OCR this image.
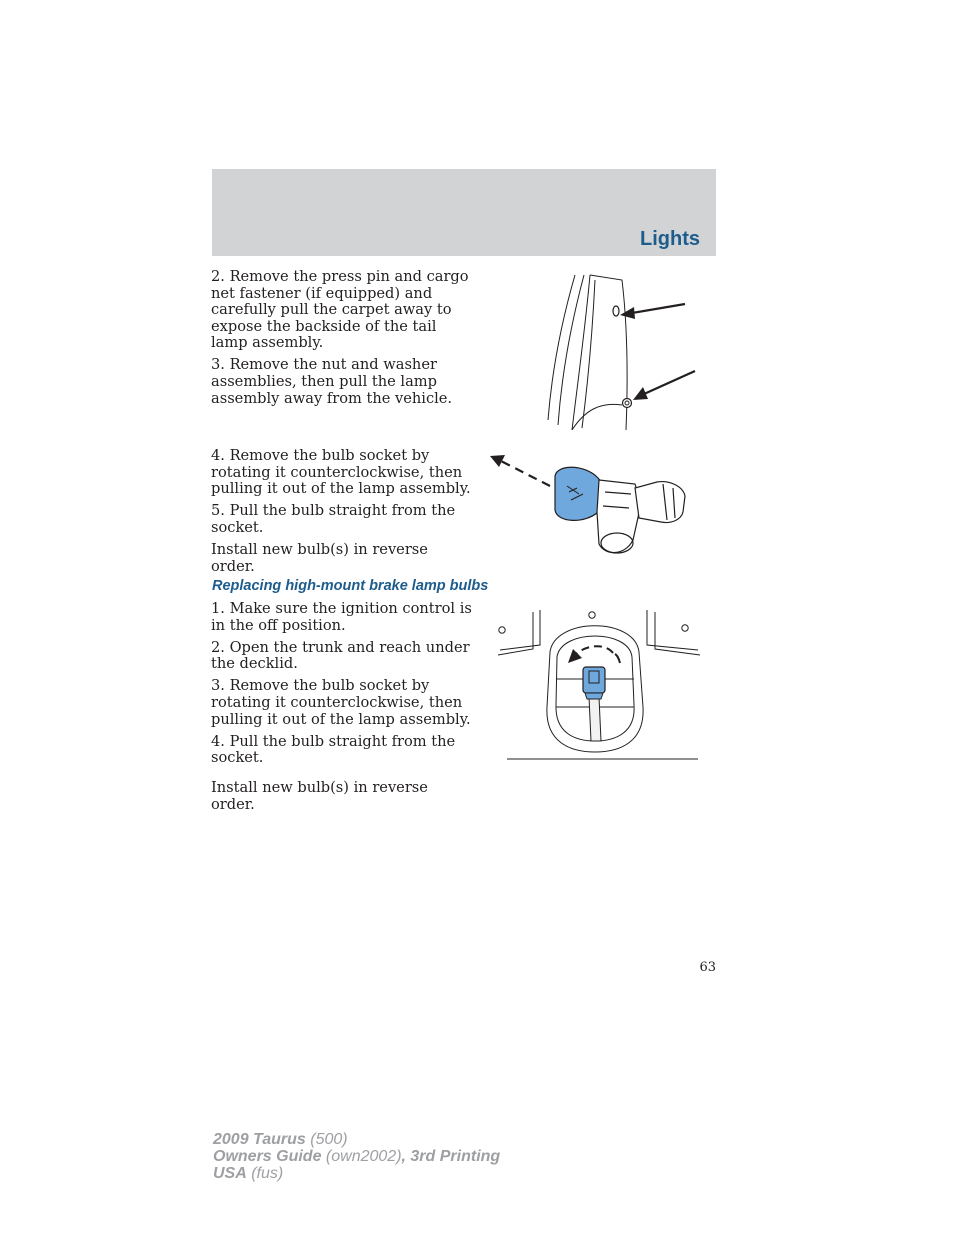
Lights

2. Remove the press pin and cargo net fastener (if equipped) and carefully pull the carpet away to expose the backside of the tail lamp assembly.

3. Remove the nut and washer assemblies, then pull the lamp assembly away from the vehicle.

4. Remove the bulb socket by rotating it counterclockwise, then pulling it out of the lamp assembly.

5. Pull the bulb straight from the socket.

Install new bulb(s) in reverse order.

Replacing high-mount brake lamp bulbs

1. Make sure the ignition control is in the off position.

2. Open the trunk and reach under the decklid.

3. Remove the bulb socket by rotating it counterclockwise, then pulling it out of the lamp assembly.

4. Pull the bulb straight from the socket.

Install new bulb(s) in reverse order.

63
2009 Taurus (500)
Owners Guide (own2002), 3rd Printing
USA (fus)
